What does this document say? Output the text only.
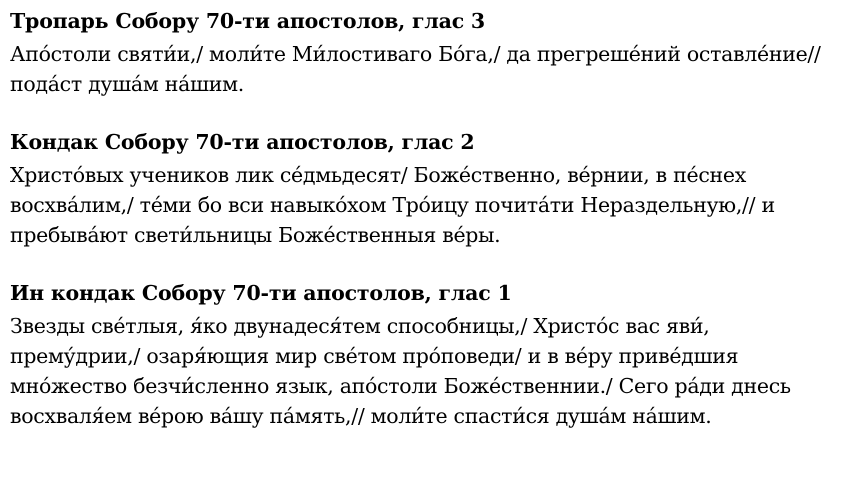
Тропарь Собору 70-ти апостолов, глас 3
Апо́столи святи́и,/ моли́те Ми́лостиваго Бо́га,/ да прегреше́ний оставле́ние//
пода́ст душа́м на́шим.
Кондак Собору 70-ти апостолов, глас 2
Христо́вых учеников лик се́дмьдесят/ Боже́ственно, ве́рнии, в пе́снех
восхва́лим,/ те́ми бо вси навыко́хом Тро́ицу почита́ти Нераздельную,// и
пребыва́ют свети́льницы Боже́ственныя ве́ры.
Ин кондак Собору 70-ти апостолов, глас 1
Звезды све́тлыя, я́ко двунадеся́тем способницы,/ Христо́с вас яви́,
прему́дрии,/ озаря́ющия мир све́том про́поведи/ и в ве́ру приве́дшия
мно́жество безчи́сленно язык, апо́столи Боже́ственнии./ Сего ра́ди днесь
восхваля́ем ве́рою ва́шу па́мять,// моли́те спасти́ся душа́м на́шим.
